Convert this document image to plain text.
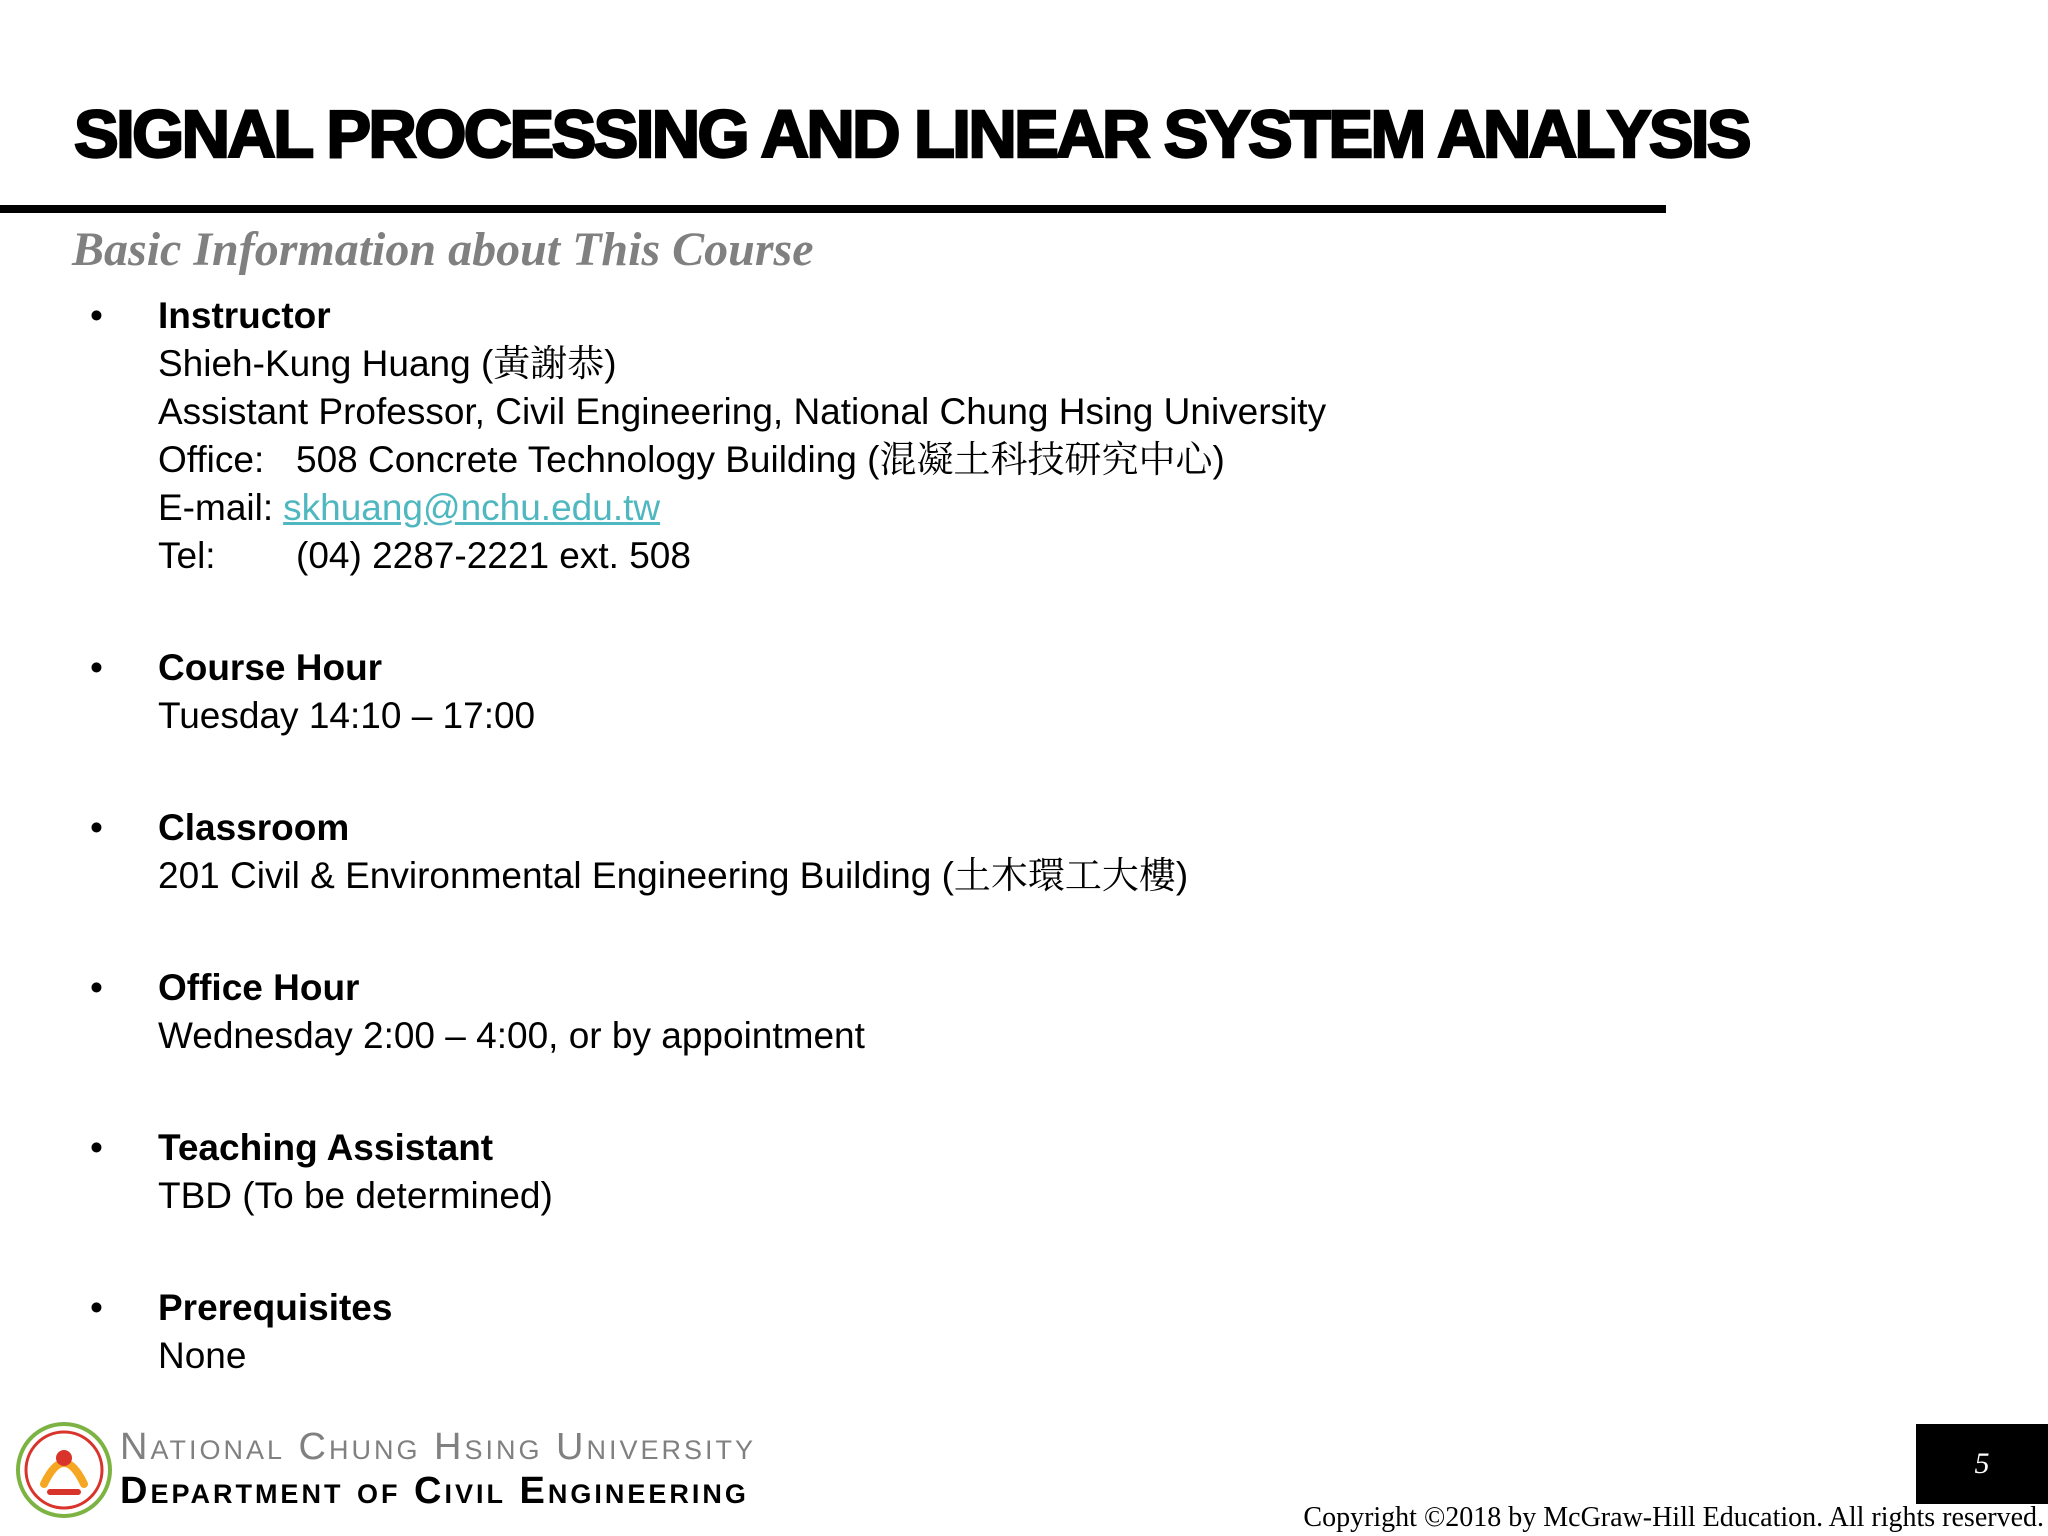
SIGNAL PROCESSING AND LINEAR SYSTEM ANALYSIS
Basic Information about This Course
• Instructor
Shieh-Kung Huang (黃謝恭)
Assistant Professor, Civil Engineering, National Chung Hsing University
Office: 508 Concrete Technology Building (混凝土科技研究中心)
E-mail: skhuang@nchu.edu.tw
Tel: (04) 2287-2221 ext. 508
• Course Hour
Tuesday 14:10 – 17:00
• Classroom
201 Civil & Environmental Engineering Building (土木環工大樓)
• Office Hour
Wednesday 2:00 – 4:00, or by appointment
• Teaching Assistant
TBD (To be determined)
• Prerequisites
None
National Chung Hsing University
Department of Civil Engineering
5
Copyright ©2018 by McGraw-Hill Education. All rights reserved.
